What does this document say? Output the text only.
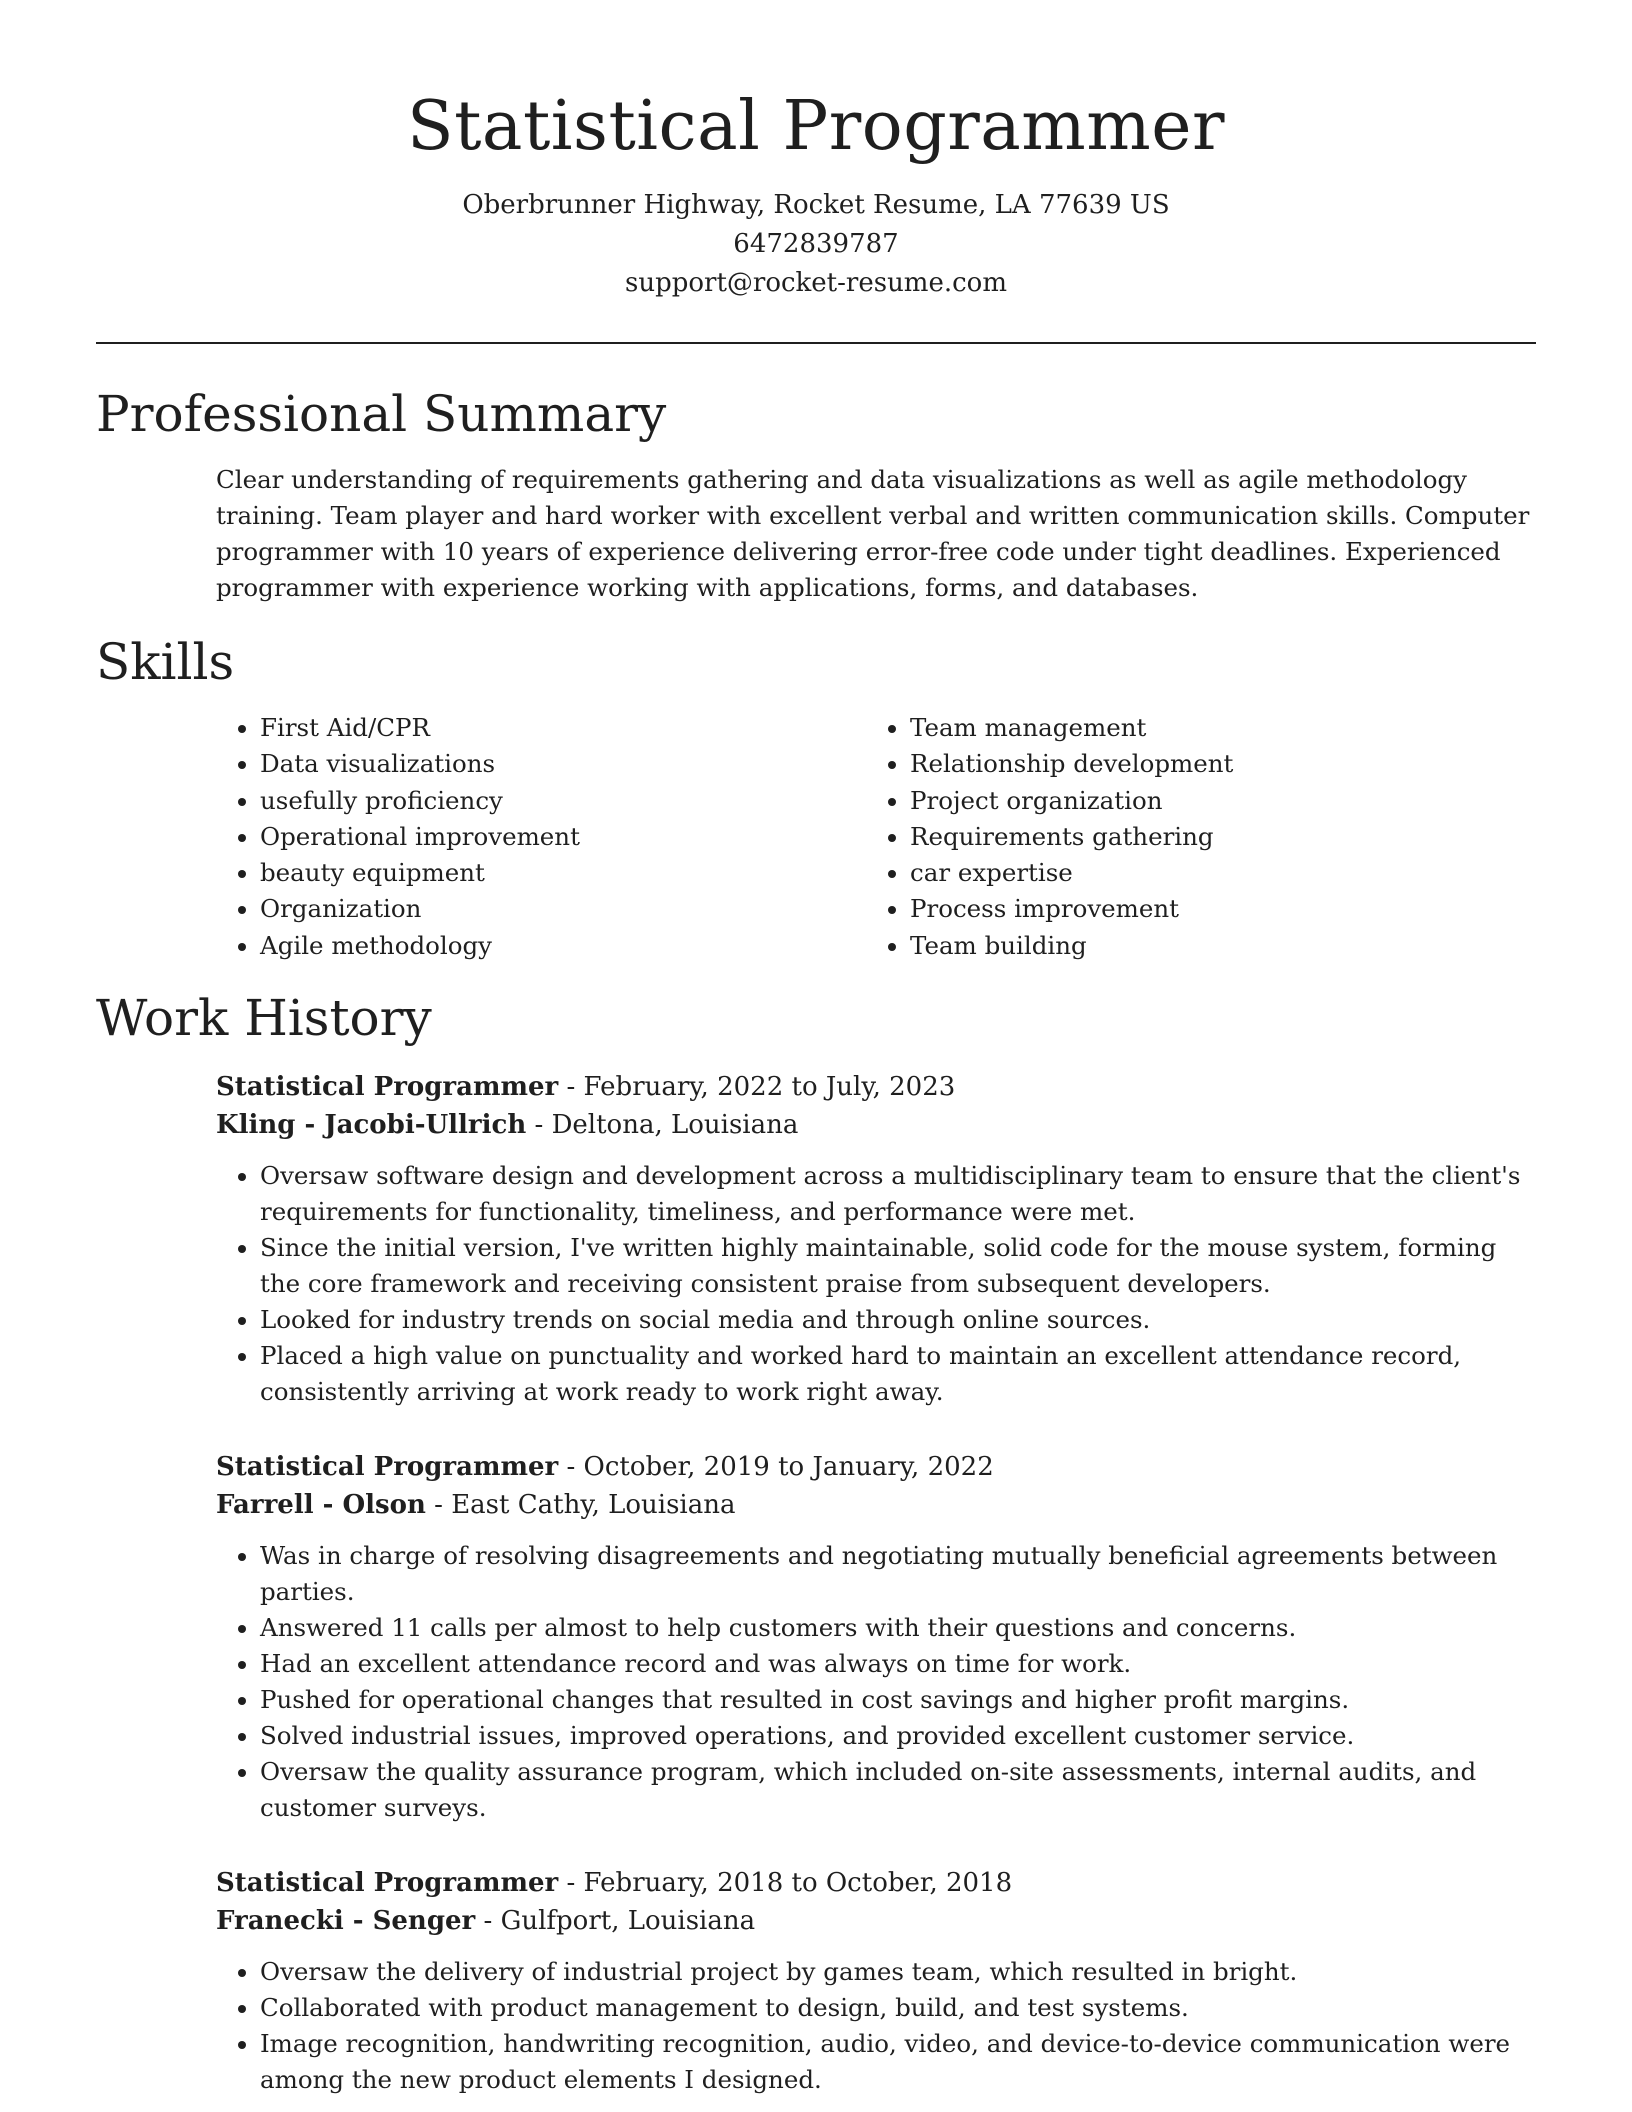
Statistical Programmer
Oberbrunner Highway, Rocket Resume, LA 77639 US
6472839787
support@rocket-resume.com
Professional Summary

Clear understanding of requirements gathering and data visualizations as well as agile methodology training. Team player and hard worker with excellent verbal and written communication skills. Computer programmer with 10 years of experience delivering error-free code under tight deadlines. Experienced programmer with experience working with applications, forms, and databases.

Skills
• First Aid/CPR
• Data visualizations
• usefully proficiency
• Operational improvement
• beauty equipment
• Organization
• Agile methodology
• Team management
• Relationship development
• Project organization
• Requirements gathering
• car expertise
• Process improvement
• Team building
Work History
Statistical Programmer - February, 2022 to July, 2023
Kling - Jacobi-Ullrich - Deltona, Louisiana
• Oversaw software design and development across a multidisciplinary team to ensure that the client's requirements for functionality, timeliness, and performance were met.
• Since the initial version, I've written highly maintainable, solid code for the mouse system, forming the core framework and receiving consistent praise from subsequent developers.
• Looked for industry trends on social media and through online sources.
• Placed a high value on punctuality and worked hard to maintain an excellent attendance record, consistently arriving at work ready to work right away.
Statistical Programmer - October, 2019 to January, 2022
Farrell - Olson - East Cathy, Louisiana
• Was in charge of resolving disagreements and negotiating mutually beneficial agreements between parties.
• Answered 11 calls per almost to help customers with their questions and concerns.
• Had an excellent attendance record and was always on time for work.
• Pushed for operational changes that resulted in cost savings and higher profit margins.
• Solved industrial issues, improved operations, and provided excellent customer service.
• Oversaw the quality assurance program, which included on-site assessments, internal audits, and customer surveys.
Statistical Programmer - February, 2018 to October, 2018
Franecki - Senger - Gulfport, Louisiana
• Oversaw the delivery of industrial project by games team, which resulted in bright.
• Collaborated with product management to design, build, and test systems.
• Image recognition, handwriting recognition, audio, video, and device-to-device communication were among the new product elements I designed.
